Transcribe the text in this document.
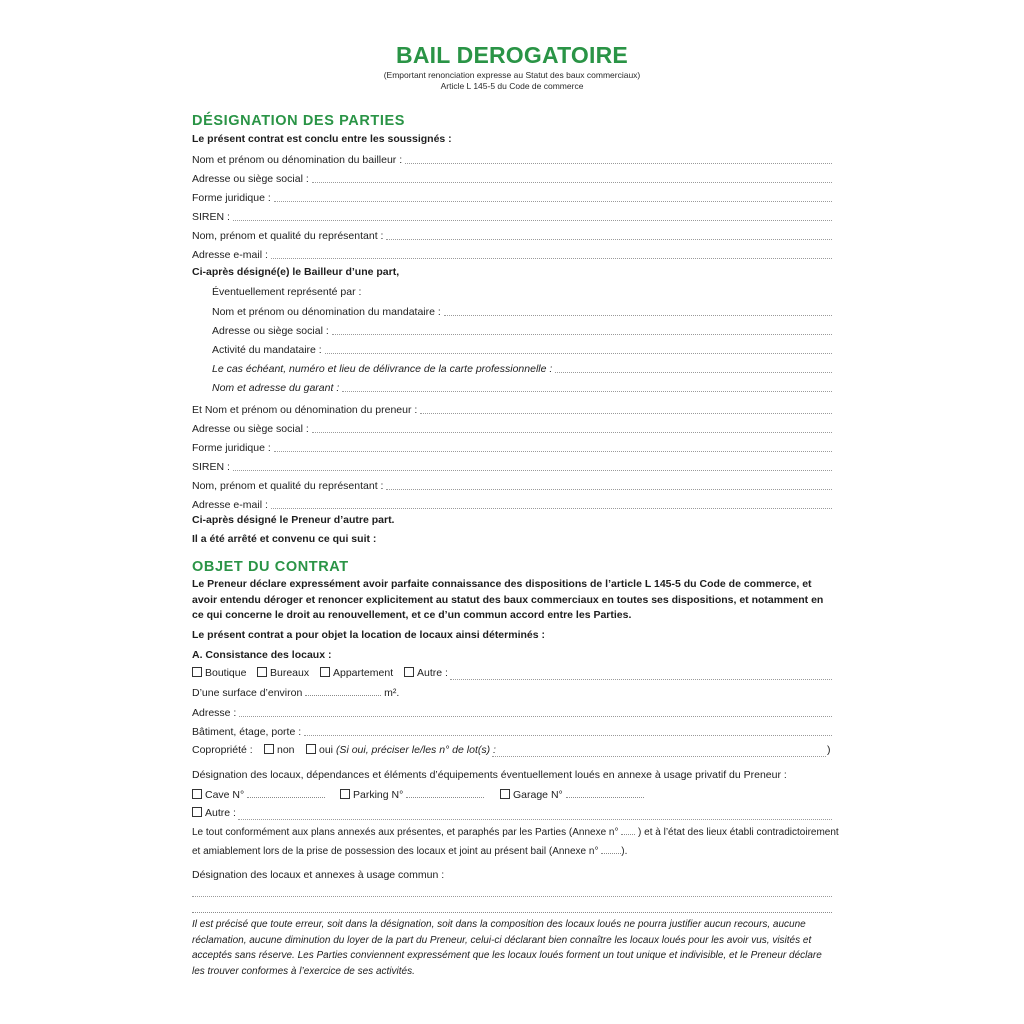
BAIL DEROGATOIRE
(Emportant renonciation expresse au Statut des baux commerciaux)
Article L 145-5 du Code de commerce
DÉSIGNATION DES PARTIES
Le présent contrat est conclu entre les soussignés :
Nom et prénom ou dénomination du bailleur :
Adresse ou siège social :
Forme juridique :
SIREN :
Nom, prénom et qualité du représentant :
Adresse e-mail :
Ci-après désigné(e) le Bailleur d’une part,
Éventuellement représenté par :
Nom et prénom ou dénomination du mandataire :
Adresse ou siège social :
Activité du mandataire :
Le cas échéant, numéro et lieu de délivrance de la carte professionnelle :
Nom et adresse du garant :
Et Nom et prénom ou dénomination du preneur :
Adresse ou siège social :
Forme juridique :
SIREN :
Nom, prénom et qualité du représentant :
Adresse e-mail :
Ci-après désigné le Preneur d’autre part.
Il a été arrêté et convenu ce qui suit :
OBJET DU CONTRAT
Le Preneur déclare expressément avoir parfaite connaissance des dispositions de l’article L 145-5 du Code de commerce, et avoir entendu déroger et renoncer explicitement au statut des baux commerciaux en toutes ses dispositions, et notamment en ce qui concerne le droit au renouvellement, et ce d’un commun accord entre les Parties.
Le présent contrat a pour objet la location de locaux ainsi déterminés :
A. Consistance des locaux :
Boutique	Bureaux	Appartement	Autre :
D’une surface d’environ	m².
Adresse :
Bâtiment, étage, porte :
Copropriété :	non	oui (Si oui, préciser le/les n° de lot(s) :	)
Désignation des locaux, dépendances et éléments d’équipements éventuellement loués en annexe à usage privatif du Preneur :
Cave N°	Parking N°	Garage N°
Autre :
Le tout conformément aux plans annexés aux présentes, et paraphés par les Parties (Annexe n° ) et à l’état des lieux établi contradictoirement
et amiablement lors de la prise de possession des locaux et joint au présent bail (Annexe n° ).
Désignation des locaux et annexes à usage commun :
Il est précisé que toute erreur, soit dans la désignation, soit dans la composition des locaux loués ne pourra justifier aucun recours, aucune réclamation, aucune diminution du loyer de la part du Preneur, celui-ci déclarant bien connaître les locaux loués pour les avoir vus, visités et acceptés sans réserve. Les Parties conviennent expressément que les locaux loués forment un tout unique et indivisible, et le Preneur déclare les trouver conformes à l’exercice de ses activités.
